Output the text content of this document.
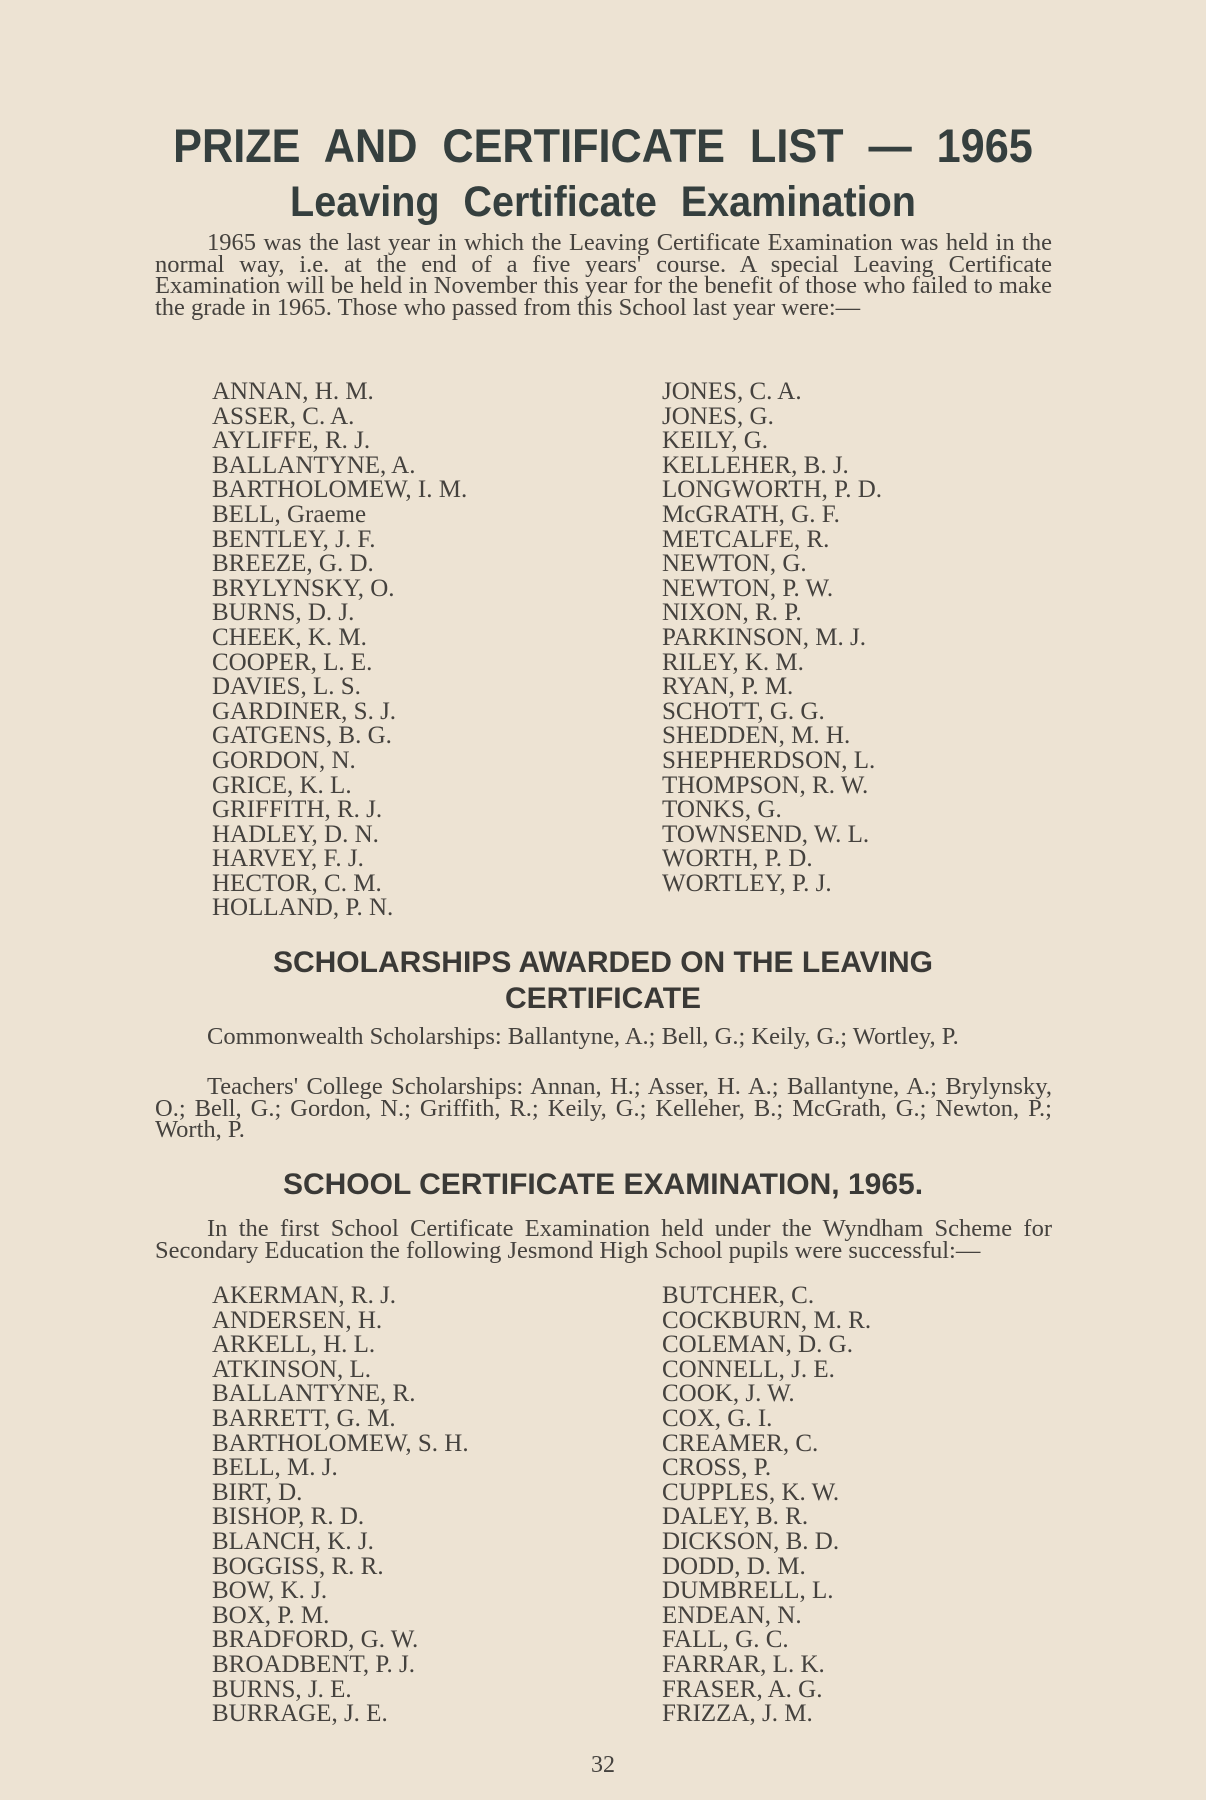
PRIZE AND CERTIFICATE LIST — 1965
Leaving Certificate Examination

1965 was the last year in which the Leaving Certificate Examination was held in the normal way, i.e. at the end of a five years' course. A special Leaving Certificate Examination will be held in November this year for the benefit of those who failed to make the grade in 1965. Those who passed from this School last year were:—

ANNAN, H. M.
ASSER, C. A.
AYLIFFE, R. J.
BALLANTYNE, A.
BARTHOLOMEW, I. M.
BELL, Graeme
BENTLEY, J. F.
BREEZE, G. D.
BRYLYNSKY, O.
BURNS, D. J.
CHEEK, K. M.
COOPER, L. E.
DAVIES, L. S.
GARDINER, S. J.
GATGENS, B. G.
GORDON, N.
GRICE, K. L.
GRIFFITH, R. J.
HADLEY, D. N.
HARVEY, F. J.
HECTOR, C. M.
HOLLAND, P. N.
JONES, C. A.
JONES, G.
KEILY, G.
KELLEHER, B. J.
LONGWORTH, P. D.
McGRATH, G. F.
METCALFE, R.
NEWTON, G.
NEWTON, P. W.
NIXON, R. P.
PARKINSON, M. J.
RILEY, K. M.
RYAN, P. M.
SCHOTT, G. G.
SHEDDEN, M. H.
SHEPHERDSON, L.
THOMPSON, R. W.
TONKS, G.
TOWNSEND, W. L.
WORTH, P. D.
WORTLEY, P. J.
SCHOLARSHIPS AWARDED ON THE LEAVING
CERTIFICATE

Commonwealth Scholarships: Ballantyne, A.; Bell, G.; Keily, G.; Wortley, P.

Teachers' College Scholarships: Annan, H.; Asser, H. A.; Ballantyne, A.; Brylynsky, O.; Bell, G.; Gordon, N.; Griffith, R.; Keily, G.; Kelleher, B.; McGrath, G.; Newton, P.; Worth, P.

SCHOOL CERTIFICATE EXAMINATION, 1965.

In the first School Certificate Examination held under the Wyndham Scheme for Secondary Education the following Jesmond High School pupils were successful:—

AKERMAN, R. J.
ANDERSEN, H.
ARKELL, H. L.
ATKINSON, L.
BALLANTYNE, R.
BARRETT, G. M.
BARTHOLOMEW, S. H.
BELL, M. J.
BIRT, D.
BISHOP, R. D.
BLANCH, K. J.
BOGGISS, R. R.
BOW, K. J.
BOX, P. M.
BRADFORD, G. W.
BROADBENT, P. J.
BURNS, J. E.
BURRAGE, J. E.
BUTCHER, C.
COCKBURN, M. R.
COLEMAN, D. G.
CONNELL, J. E.
COOK, J. W.
COX, G. I.
CREAMER, C.
CROSS, P.
CUPPLES, K. W.
DALEY, B. R.
DICKSON, B. D.
DODD, D. M.
DUMBRELL, L.
ENDEAN, N.
FALL, G. C.
FARRAR, L. K.
FRASER, A. G.
FRIZZA, J. M.
32
